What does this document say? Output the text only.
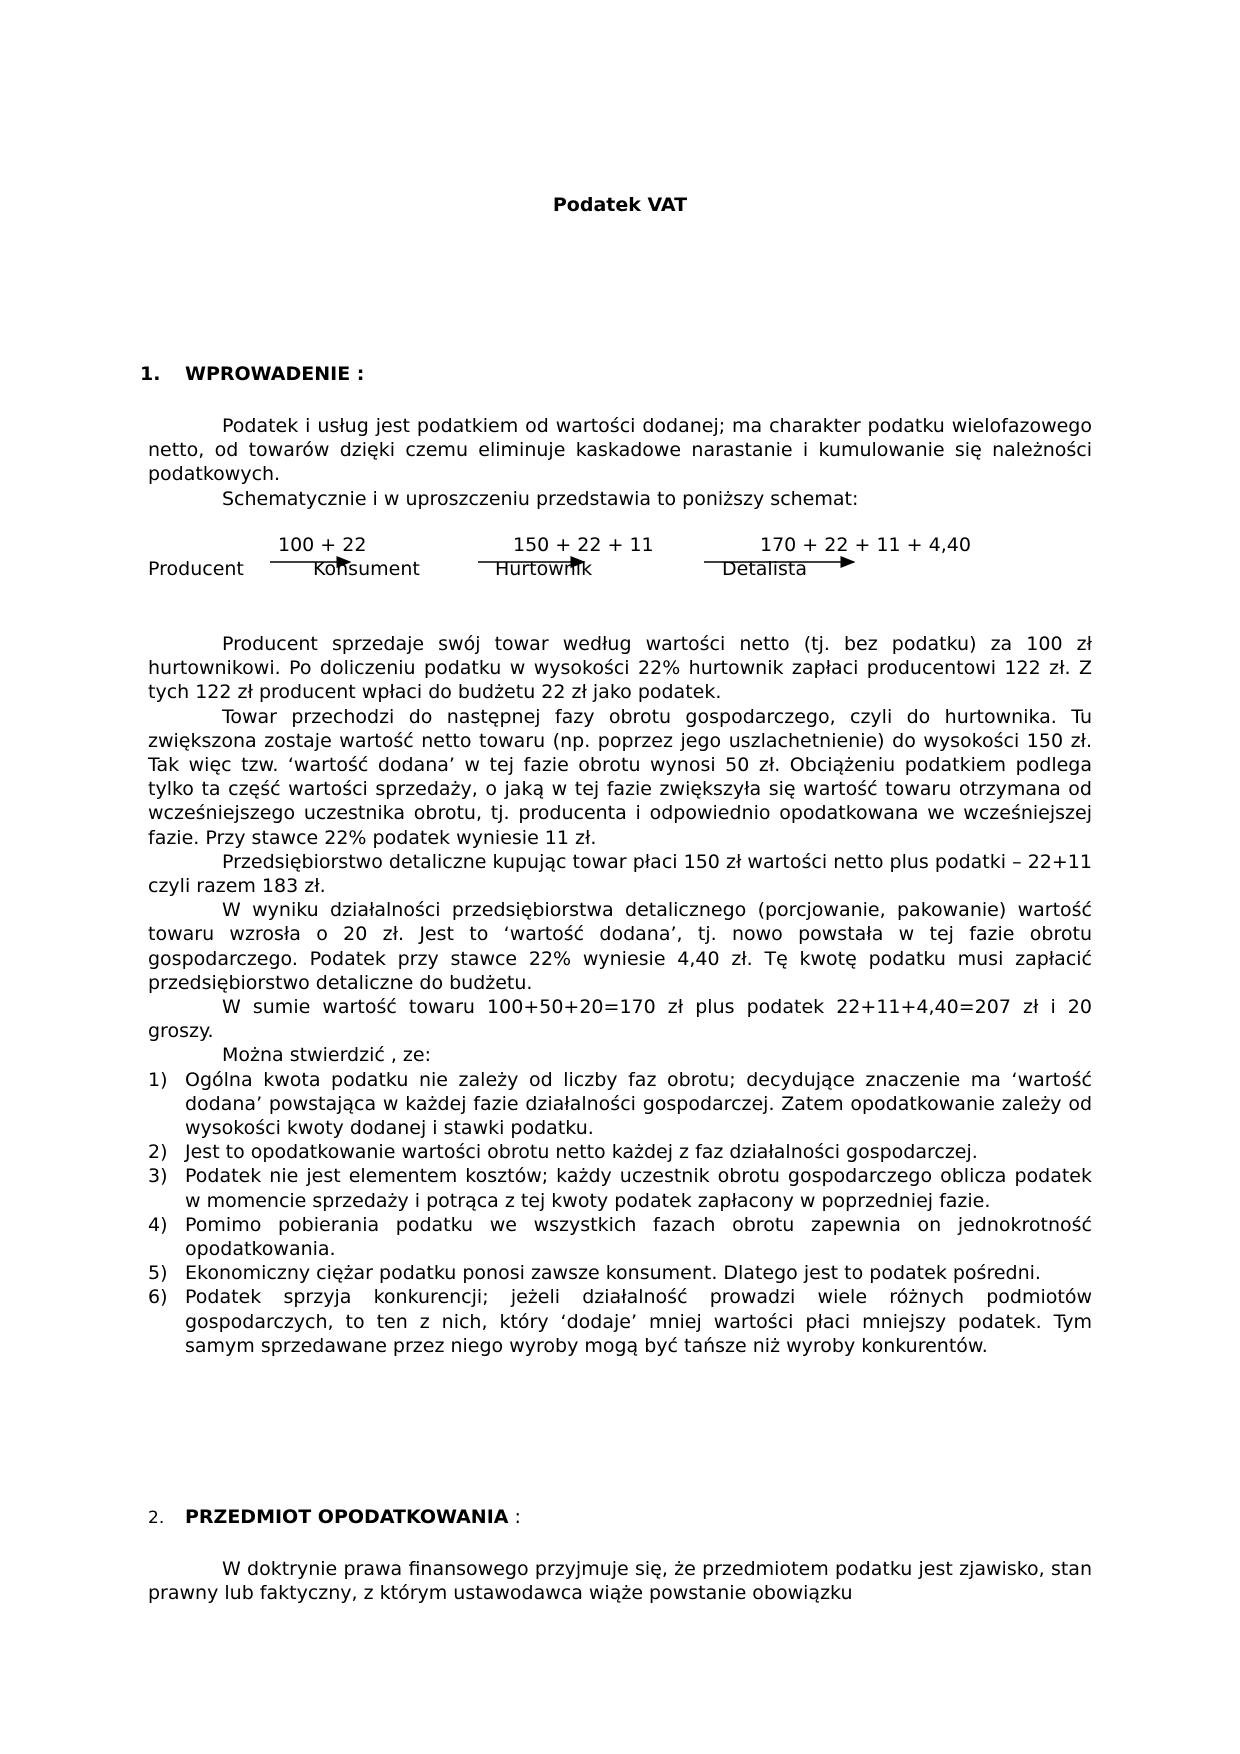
Podatek VAT
1. WPROWADENIE :

Podatek i usług jest podatkiem od wartości dodanej; ma charakter podatku wielofazowego netto, od towarów dzięki czemu eliminuje kaskadowe narastanie i kumulowanie się należności podatkowych.

Schematycznie i w uproszczeniu przedstawia to poniższy schemat:

100 + 22	150 + 22 + 11	170 + 22 + 11 + 4,40
Producent	Konsument	Hurtownik	Detalista

Producent sprzedaje swój towar według wartości netto (tj. bez podatku) za 100 zł hurtownikowi. Po doliczeniu podatku w wysokości 22% hurtownik zapłaci producentowi 122 zł. Z tych 122 zł producent wpłaci do budżetu 22 zł jako podatek.

Towar przechodzi do następnej fazy obrotu gospodarczego, czyli do hurtownika. Tu zwiększona zostaje wartość netto towaru (np. poprzez jego uszlachetnienie) do wysokości 150 zł. Tak więc tzw. ‘wartość dodana’ w tej fazie obrotu wynosi 50 zł. Obciążeniu podatkiem podlega tylko ta część wartości sprzedaży, o jaką w tej fazie zwiększyła się wartość towaru otrzymana od wcześniejszego uczestnika obrotu, tj. producenta i odpowiednio opodatkowana we wcześniejszej fazie. Przy stawce 22% podatek wyniesie 11 zł.

Przedsiębiorstwo detaliczne kupując towar płaci 150 zł wartości netto plus podatki – 22+11 czyli razem 183 zł.

W wyniku działalności przedsiębiorstwa detalicznego (porcjowanie, pakowanie) wartość towaru wzrosła o 20 zł. Jest to ‘wartość dodana’, tj. nowo powstała w tej fazie obrotu gospodarczego. Podatek przy stawce 22% wyniesie 4,40 zł. Tę kwotę podatku musi zapłacić przedsiębiorstwo detaliczne do budżetu.

W sumie wartość towaru 100+50+20=170 zł plus podatek 22+11+4,40=207 zł i 20 groszy.

Można stwierdzić , ze:

1) Ogólna kwota podatku nie zależy od liczby faz obrotu; decydujące znaczenie ma ‘wartość dodana’ powstająca w każdej fazie działalności gospodarczej. Zatem opodatkowanie zależy od wysokości kwoty dodanej i stawki podatku.
2) Jest to opodatkowanie wartości obrotu netto każdej z faz działalności gospodarczej.
3) Podatek nie jest elementem kosztów; każdy uczestnik obrotu gospodarczego oblicza podatek w momencie sprzedaży i potrąca z tej kwoty podatek zapłacony w poprzedniej fazie.
4) Pomimo pobierania podatku we wszystkich fazach obrotu zapewnia on jednokrotność opodatkowania.
5) Ekonomiczny ciężar podatku ponosi zawsze konsument. Dlatego jest to podatek pośredni.
6) Podatek sprzyja konkurencji; jeżeli działalność prowadzi wiele różnych podmiotów gospodarczych, to ten z nich, który ‘dodaje’ mniej wartości płaci mniejszy podatek. Tym samym sprzedawane przez niego wyroby mogą być tańsze niż wyroby konkurentów.
2. PRZEDMIOT OPODATKOWANIA :

W doktrynie prawa finansowego przyjmuje się, że przedmiotem podatku jest zjawisko, stan prawny lub faktyczny, z którym ustawodawca wiąże powstanie obowiązku
